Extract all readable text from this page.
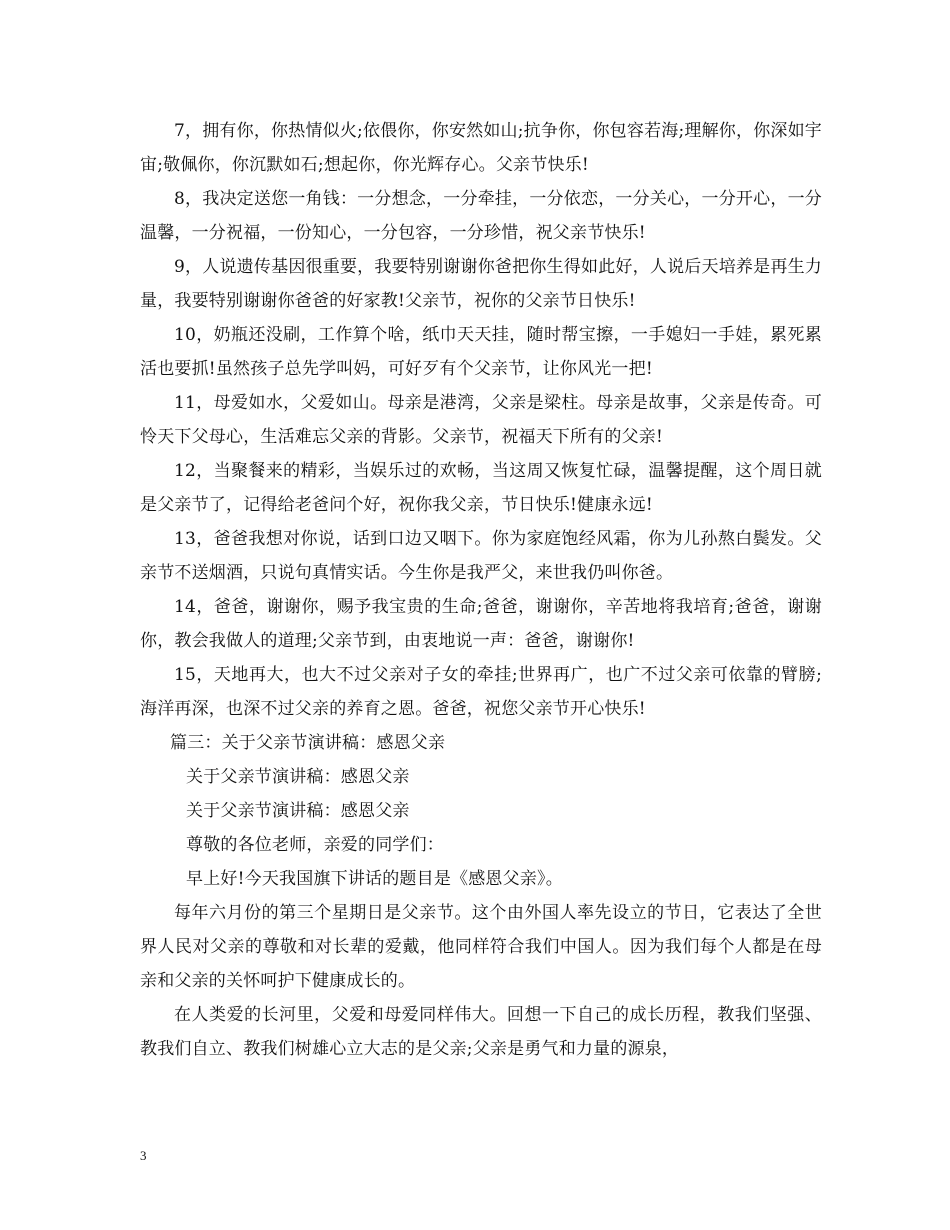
7，拥有你，你热情似火;依偎你，你安然如山;抗争你，你包容若海;理解你，你深如宇宙;敬佩你，你沉默如石;想起你，你光辉存心。父亲节快乐!

8，我决定送您一角钱：一分想念，一分牵挂，一分依恋，一分关心，一分开心，一分温馨，一分祝福，一份知心，一分包容，一分珍惜，祝父亲节快乐!

9，人说遗传基因很重要，我要特别谢谢你爸把你生得如此好，人说后天培养是再生力量，我要特别谢谢你爸爸的好家教!父亲节，祝你的父亲节日快乐!

10，奶瓶还没刷，工作算个啥，纸巾天天挂，随时帮宝擦，一手媳妇一手娃，累死累活也要抓!虽然孩子总先学叫妈，可好歹有个父亲节，让你风光一把!

11，母爱如水，父爱如山。母亲是港湾，父亲是梁柱。母亲是故事，父亲是传奇。可怜天下父母心，生活难忘父亲的背影。父亲节，祝福天下所有的父亲!

12，当聚餐来的精彩，当娱乐过的欢畅，当这周又恢复忙碌，温馨提醒，这个周日就是父亲节了，记得给老爸问个好，祝你我父亲，节日快乐!健康永远!

13，爸爸我想对你说，话到口边又咽下。你为家庭饱经风霜，你为儿孙熬白鬓发。父亲节不送烟酒，只说句真情实话。今生你是我严父，来世我仍叫你爸。

14，爸爸，谢谢你，赐予我宝贵的生命;爸爸，谢谢你，辛苦地将我培育;爸爸，谢谢你，教会我做人的道理;父亲节到，由衷地说一声：爸爸，谢谢你!

15，天地再大，也大不过父亲对子女的牵挂;世界再广，也广不过父亲可依靠的臂膀;海洋再深，也深不过父亲的养育之恩。爸爸，祝您父亲节开心快乐!

篇三：关于父亲节演讲稿：感恩父亲

关于父亲节演讲稿：感恩父亲

关于父亲节演讲稿：感恩父亲

尊敬的各位老师，亲爱的同学们：

早上好!今天我国旗下讲话的题目是《感恩父亲》。

每年六月份的第三个星期日是父亲节。这个由外国人率先设立的节日，它表达了全世界人民对父亲的尊敬和对长辈的爱戴，他同样符合我们中国人。因为我们每个人都是在母亲和父亲的关怀呵护下健康成长的。

在人类爱的长河里，父爱和母爱同样伟大。回想一下自己的成长历程，教我们坚强、教我们自立、教我们树雄心立大志的是父亲;父亲是勇气和力量的源泉，

3
